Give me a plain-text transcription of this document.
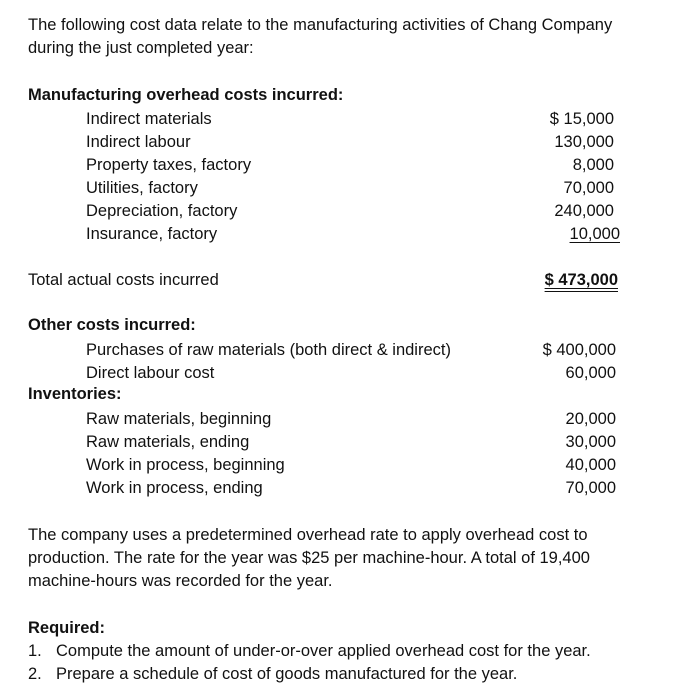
The following cost data relate to the manufacturing activities of Chang Company during the just completed year:
Manufacturing overhead costs incurred:
Indirect materials	$ 15,000
Indirect labour	130,000
Property taxes, factory	8,000
Utilities, factory	70,000
Depreciation, factory	240,000
Insurance, factory	10,000
Total actual costs incurred	$ 473,000
Other costs incurred:
Purchases of raw materials (both direct & indirect)	$ 400,000
Direct labour cost	60,000
Inventories:
Raw materials, beginning	20,000
Raw materials, ending	30,000
Work in process, beginning	40,000
Work in process, ending	70,000
The company uses a predetermined overhead rate to apply overhead cost to production. The rate for the year was $25 per machine-hour. A total of 19,400 machine-hours was recorded for the year.
Required:
1. Compute the amount of under-or-over applied overhead cost for the year.
2. Prepare a schedule of cost of goods manufactured for the year.
